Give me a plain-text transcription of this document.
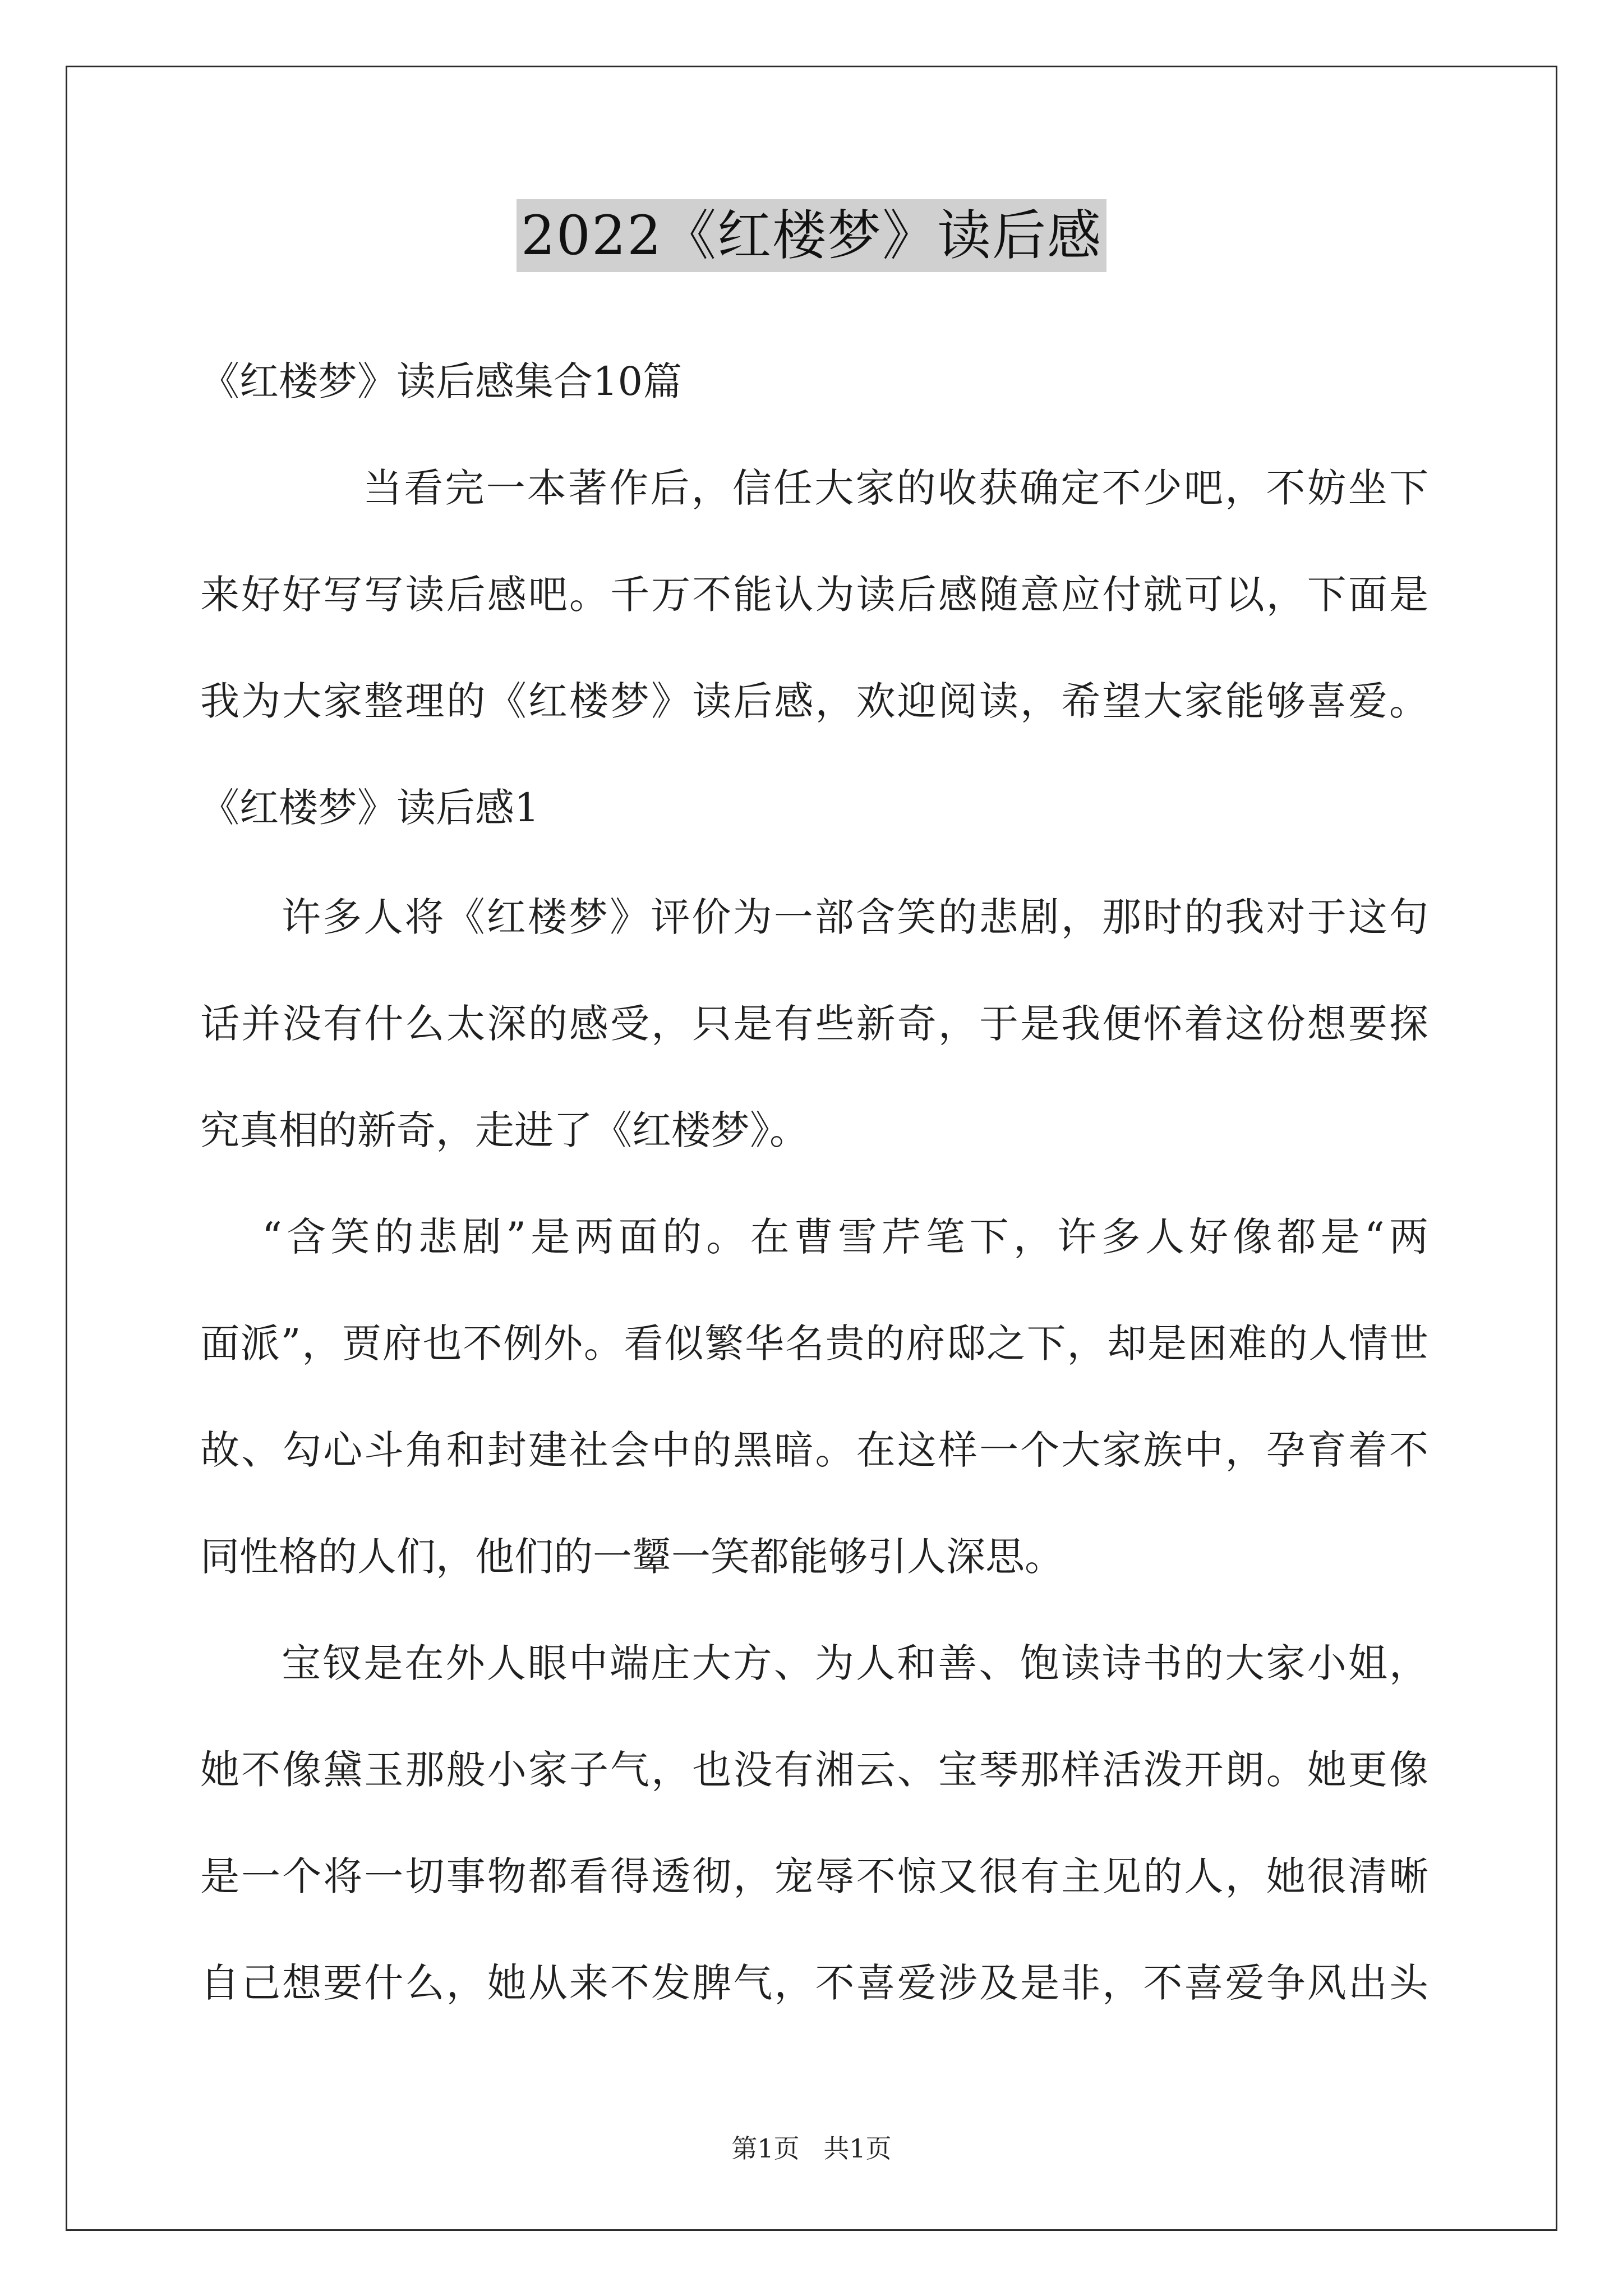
2022《红楼梦》读后感
《红楼梦》读后感集合10篇
当看完一本著作后，信任大家的收获确定不少吧，不妨坐下
来好好写写读后感吧。千万不能认为读后感随意应付就可以，下面是
我为大家整理的《红楼梦》读后感，欢迎阅读，希望大家能够喜爱。
《红楼梦》读后感1
许多人将《红楼梦》评价为一部含笑的悲剧，那时的我对于这句
话并没有什么太深的感受，只是有些新奇，于是我便怀着这份想要探
究真相的新奇，走进了《红楼梦》。
“含笑的悲剧”是两面的。在曹雪芹笔下，许多人好像都是“两
面派”，贾府也不例外。看似繁华名贵的府邸之下，却是困难的人情世
故、勾心斗角和封建社会中的黑暗。在这样一个大家族中，孕育着不
同性格的人们，他们的一颦一笑都能够引人深思。
宝钗是在外人眼中端庄大方、为人和善、饱读诗书的大家小姐，
她不像黛玉那般小家子气，也没有湘云、宝琴那样活泼开朗。她更像
是一个将一切事物都看得透彻，宠辱不惊又很有主见的人，她很清晰
自己想要什么，她从来不发脾气，不喜爱涉及是非，不喜爱争风出头
第1页 共1页
